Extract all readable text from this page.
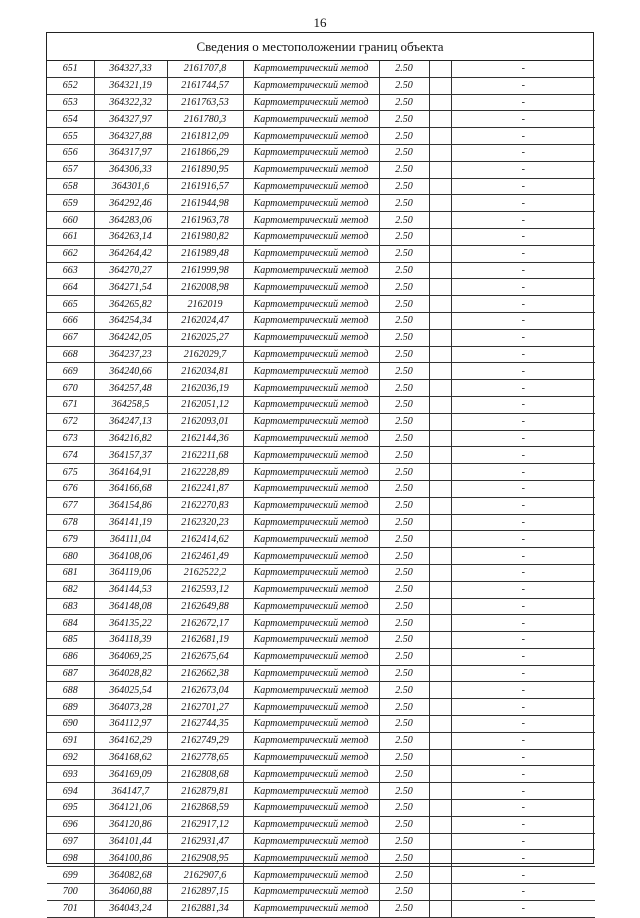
16
Сведения о местоположении границ объекта
651	364327,33	2161707,8	Картометрический метод	2.50		-
652	364321,19	2161744,57	Картометрический метод	2.50		-
653	364322,32	2161763,53	Картометрический метод	2.50		-
654	364327,97	2161780,3	Картометрический метод	2.50		-
655	364327,88	2161812,09	Картометрический метод	2.50		-
656	364317,97	2161866,29	Картометрический метод	2.50		-
657	364306,33	2161890,95	Картометрический метод	2.50		-
658	364301,6	2161916,57	Картометрический метод	2.50		-
659	364292,46	2161944,98	Картометрический метод	2.50		-
660	364283,06	2161963,78	Картометрический метод	2.50		-
661	364263,14	2161980,82	Картометрический метод	2.50		-
662	364264,42	2161989,48	Картометрический метод	2.50		-
663	364270,27	2161999,98	Картометрический метод	2.50		-
664	364271,54	2162008,98	Картометрический метод	2.50		-
665	364265,82	2162019	Картометрический метод	2.50		-
666	364254,34	2162024,47	Картометрический метод	2.50		-
667	364242,05	2162025,27	Картометрический метод	2.50		-
668	364237,23	2162029,7	Картометрический метод	2.50		-
669	364240,66	2162034,81	Картометрический метод	2.50		-
670	364257,48	2162036,19	Картометрический метод	2.50		-
671	364258,5	2162051,12	Картометрический метод	2.50		-
672	364247,13	2162093,01	Картометрический метод	2.50		-
673	364216,82	2162144,36	Картометрический метод	2.50		-
674	364157,37	2162211,68	Картометрический метод	2.50		-
675	364164,91	2162228,89	Картометрический метод	2.50		-
676	364166,68	2162241,87	Картометрический метод	2.50		-
677	364154,86	2162270,83	Картометрический метод	2.50		-
678	364141,19	2162320,23	Картометрический метод	2.50		-
679	364111,04	2162414,62	Картометрический метод	2.50		-
680	364108,06	2162461,49	Картометрический метод	2.50		-
681	364119,06	2162522,2	Картометрический метод	2.50		-
682	364144,53	2162593,12	Картометрический метод	2.50		-
683	364148,08	2162649,88	Картометрический метод	2.50		-
684	364135,22	2162672,17	Картометрический метод	2.50		-
685	364118,39	2162681,19	Картометрический метод	2.50		-
686	364069,25	2162675,64	Картометрический метод	2.50		-
687	364028,82	2162662,38	Картометрический метод	2.50		-
688	364025,54	2162673,04	Картометрический метод	2.50		-
689	364073,28	2162701,27	Картометрический метод	2.50		-
690	364112,97	2162744,35	Картометрический метод	2.50		-
691	364162,29	2162749,29	Картометрический метод	2.50		-
692	364168,62	2162778,65	Картометрический метод	2.50		-
693	364169,09	2162808,68	Картометрический метод	2.50		-
694	364147,7	2162879,81	Картометрический метод	2.50		-
695	364121,06	2162868,59	Картометрический метод	2.50		-
696	364120,86	2162917,12	Картометрический метод	2.50		-
697	364101,44	2162931,47	Картометрический метод	2.50		-
698	364100,86	2162908,95	Картометрический метод	2.50		-
699	364082,68	2162907,6	Картометрический метод	2.50		-
700	364060,88	2162897,15	Картометрический метод	2.50		-
701	364043,24	2162881,34	Картометрический метод	2.50		-
